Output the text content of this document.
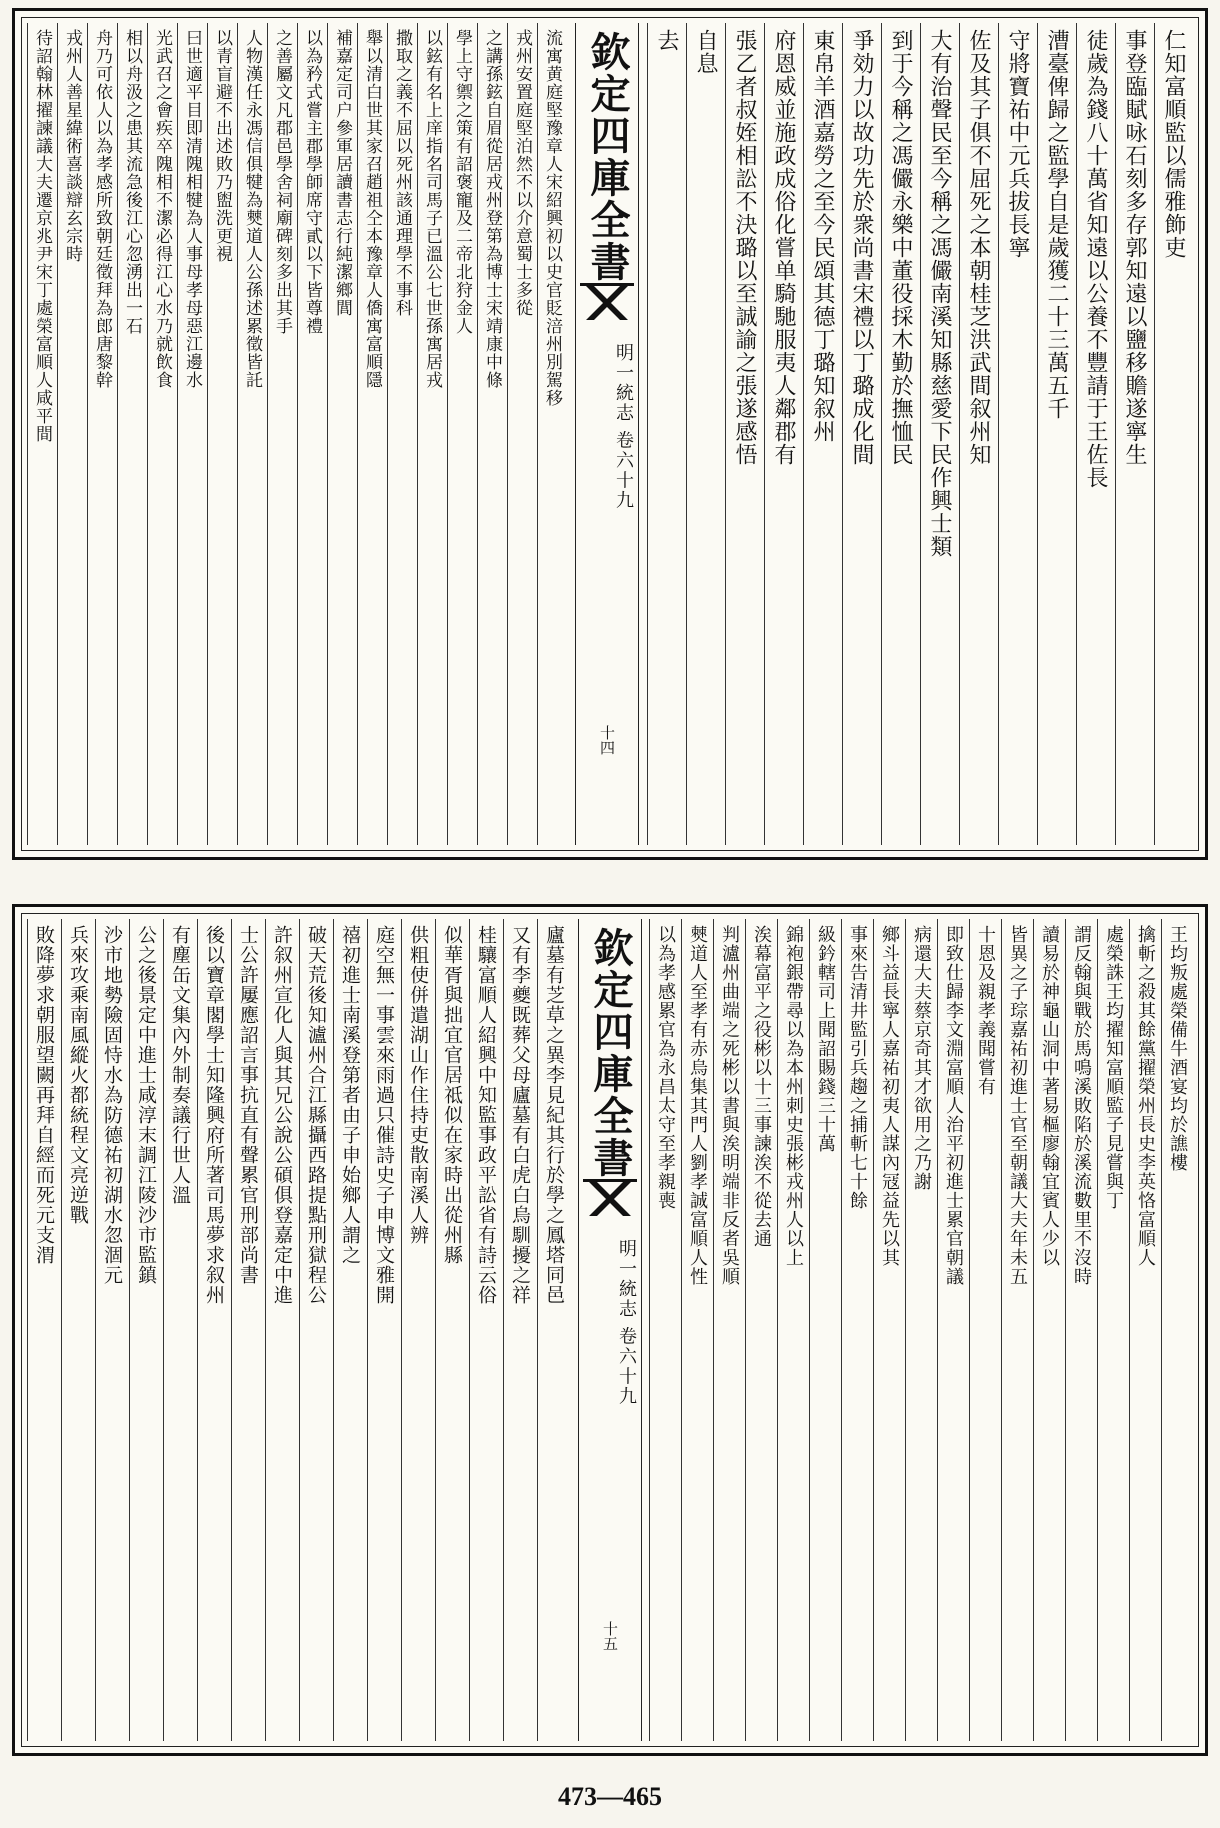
仁知富順監以儒雅飾吏
事登臨賦咏石刻多存郭知遠以鹽移贍遂寧生
徒歲為錢八十萬省知遠以公養不豐請于王佐長
漕臺俾歸之監學自是歲獲二十三萬五千
守將寶祐中元兵拔長寧
佐及其子俱不屈死之本朝桂芝洪武間叙州知
大有治聲民至今稱之馮儼南溪知縣慈愛下民作興士類
到于今稱之馮儼永樂中董役採木勤於撫恤民
爭効力以故功先於衆尚書宋禮以丁璐成化間
東帛羊酒嘉勞之至今民頌其德丁璐知叙州
府恩威並施政成俗化嘗单騎馳服夷人鄰郡有
張乙者叔姪相訟不決璐以至誠諭之張遂感悟
自息
去
欽定四庫全書
明一統志 卷六十九
十四
流寓黄庭堅豫章人宋紹興初以史官貶涪州別駕移
戎州安置庭堅泊然不以介意蜀士多從
之講孫鉉自眉從居戎州登第為博士宋靖康中條
學上守禦之策有詔褒寵及二帝北狩金人
以鉉有名上庠指名司馬子已溫公七世孫寓居戎
撒取之義不屈以死州該通理學不事科
舉以清白世其家召趙祖仝本豫章人僑寓富順隱
補嘉定司户參軍居讀書志行純潔鄉閭
以為矜式嘗主郡學師席守貳以下皆尊禮
之善屬文凡郡邑學舍祠廟碑刻多出其手
人物漢任永馮信俱犍為僰道人公孫述累徵皆託
以青盲避不出述敗乃盥洗更視
曰世適平目即清隗相犍為人事母孝母惡江邊水
光武召之會疾卒隗相不潔必得江心水乃就飲食
相以舟汲之患其流急後江心忽湧出一石
舟乃可依人以為孝感所致朝廷徵拜為郎唐黎幹
戎州人善星緯術喜談辯玄宗時
待詔翰林擢諫議大夫遷京兆尹宋丁處榮富順人咸平間
王均叛處榮備牛酒宴均於譙樓
擒斬之殺其餘黨擢榮州長史李英恪富順人
處榮誅王均擢知富順監子見嘗與丁
謂反翰與戰於馬鳴溪敗陷於溪流數里不沒時
讀易於神龜山洞中著易樞廖翰宜賓人少以
皆異之子琮嘉祐初進士官至朝議大夫年未五
十恩及親孝義聞嘗有
即致仕歸李文淵富順人治平初進士累官朝議
病還大夫蔡京奇其才欲用之乃謝
鄉斗益長寧人嘉祐初夷人謀內冦益先以其
事來告清井監引兵趨之捕斬七十餘
級鈐轄司上聞詔賜錢三十萬
錦袍銀帶尋以為本州刺史張彬戎州人以上
涘幕富平之役彬以十三事諫涘不從去通
判瀘州曲端之死彬以書與涘明端非反者吳順
僰道人至孝有赤烏集其門人劉孝誠富順人性
以為孝感累官為永昌太守至孝親喪
欽定四庫全書
明一統志 卷六十九
十五
廬墓有芝草之異李見紀其行於學之鳳塔同邑
又有李夔既葬父母廬墓有白虎白烏馴擾之祥
桂驤富順人紹興中知監事政平訟省有詩云俗
似華胥與拙宜官居祗似在家時出從州縣
供粗使併遣湖山作住持吏散南溪人辨
庭空無一事雲來雨過只催詩史子申博文雅開
禧初進士南溪登第者由子申始鄉人謂之
破天荒後知瀘州合江縣攝西路提點刑獄程公
許叙州宣化人與其兄公說公碩俱登嘉定中進
士公許屢應詔言事抗直有聲累官刑部尚書
後以寶章閣學士知隆興府所著司馬夢求叙州
有塵缶文集內外制奏議行世人溫
公之後景定中進士咸淳末調江陵沙市監鎮
沙市地勢險固恃水為防德祐初湖水忽涸元
兵來攻乘南風縱火都統程文亮逆戰
敗降夢求朝服望闕再拜自經而死元支渭
473—465
